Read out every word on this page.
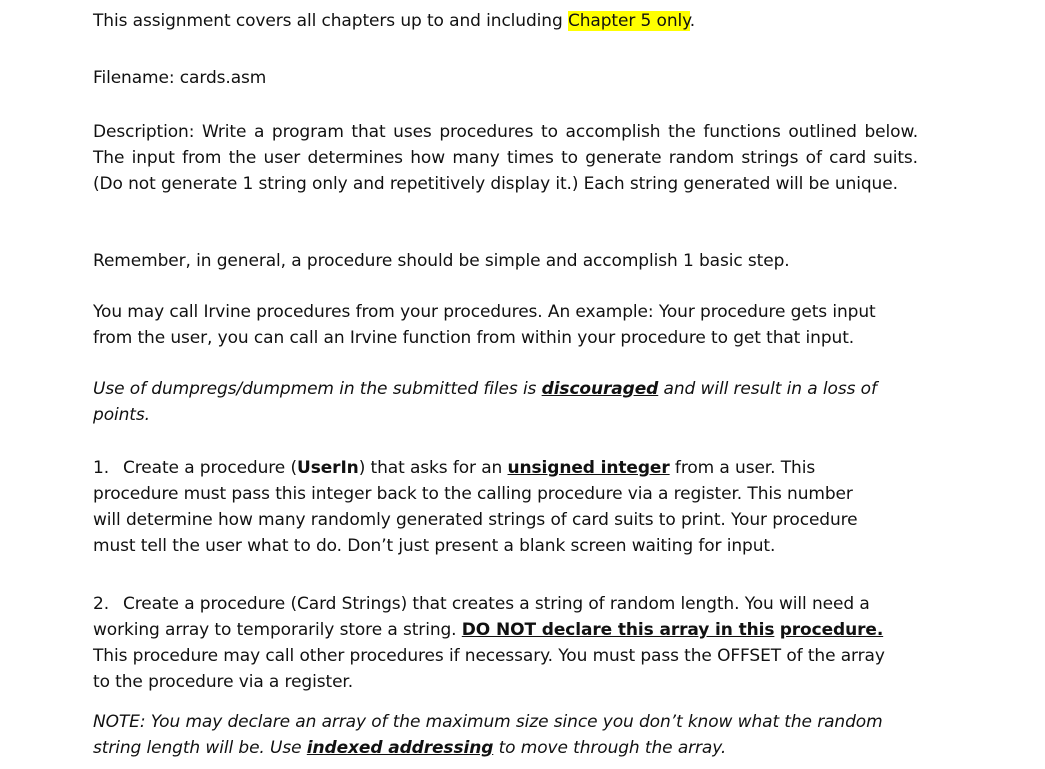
This assignment covers all chapters up to and including Chapter 5 only.

Filename: cards.asm

Description: Write a program that uses procedures to accomplish the functions outlined below. The input from the user determines how many times to generate random strings of card suits. (Do not generate 1 string only and repetitively display it.) Each string generated will be unique.

Remember, in general, a procedure should be simple and accomplish 1 basic step.

You may call Irvine procedures from your procedures. An example: Your procedure gets input from the user, you can call an Irvine function from within your procedure to get that input.

Use of dumpregs/dumpmem in the submitted files is discouraged and will result in a loss of points.

1. Create a procedure (UserIn) that asks for an unsigned integer from a user. This procedure must pass this integer back to the calling procedure via a register. This number will determine how many randomly generated strings of card suits to print. Your procedure must tell the user what to do. Don’t just present a blank screen waiting for input.

2. Create a procedure (Card Strings) that creates a string of random length. You will need a working array to temporarily store a string. DO NOT declare this array in this procedure. This procedure may call other procedures if necessary. You must pass the OFFSET of the array to the procedure via a register.

NOTE: You may declare an array of the maximum size since you don’t know what the random string length will be. Use indexed addressing to move through the array.
